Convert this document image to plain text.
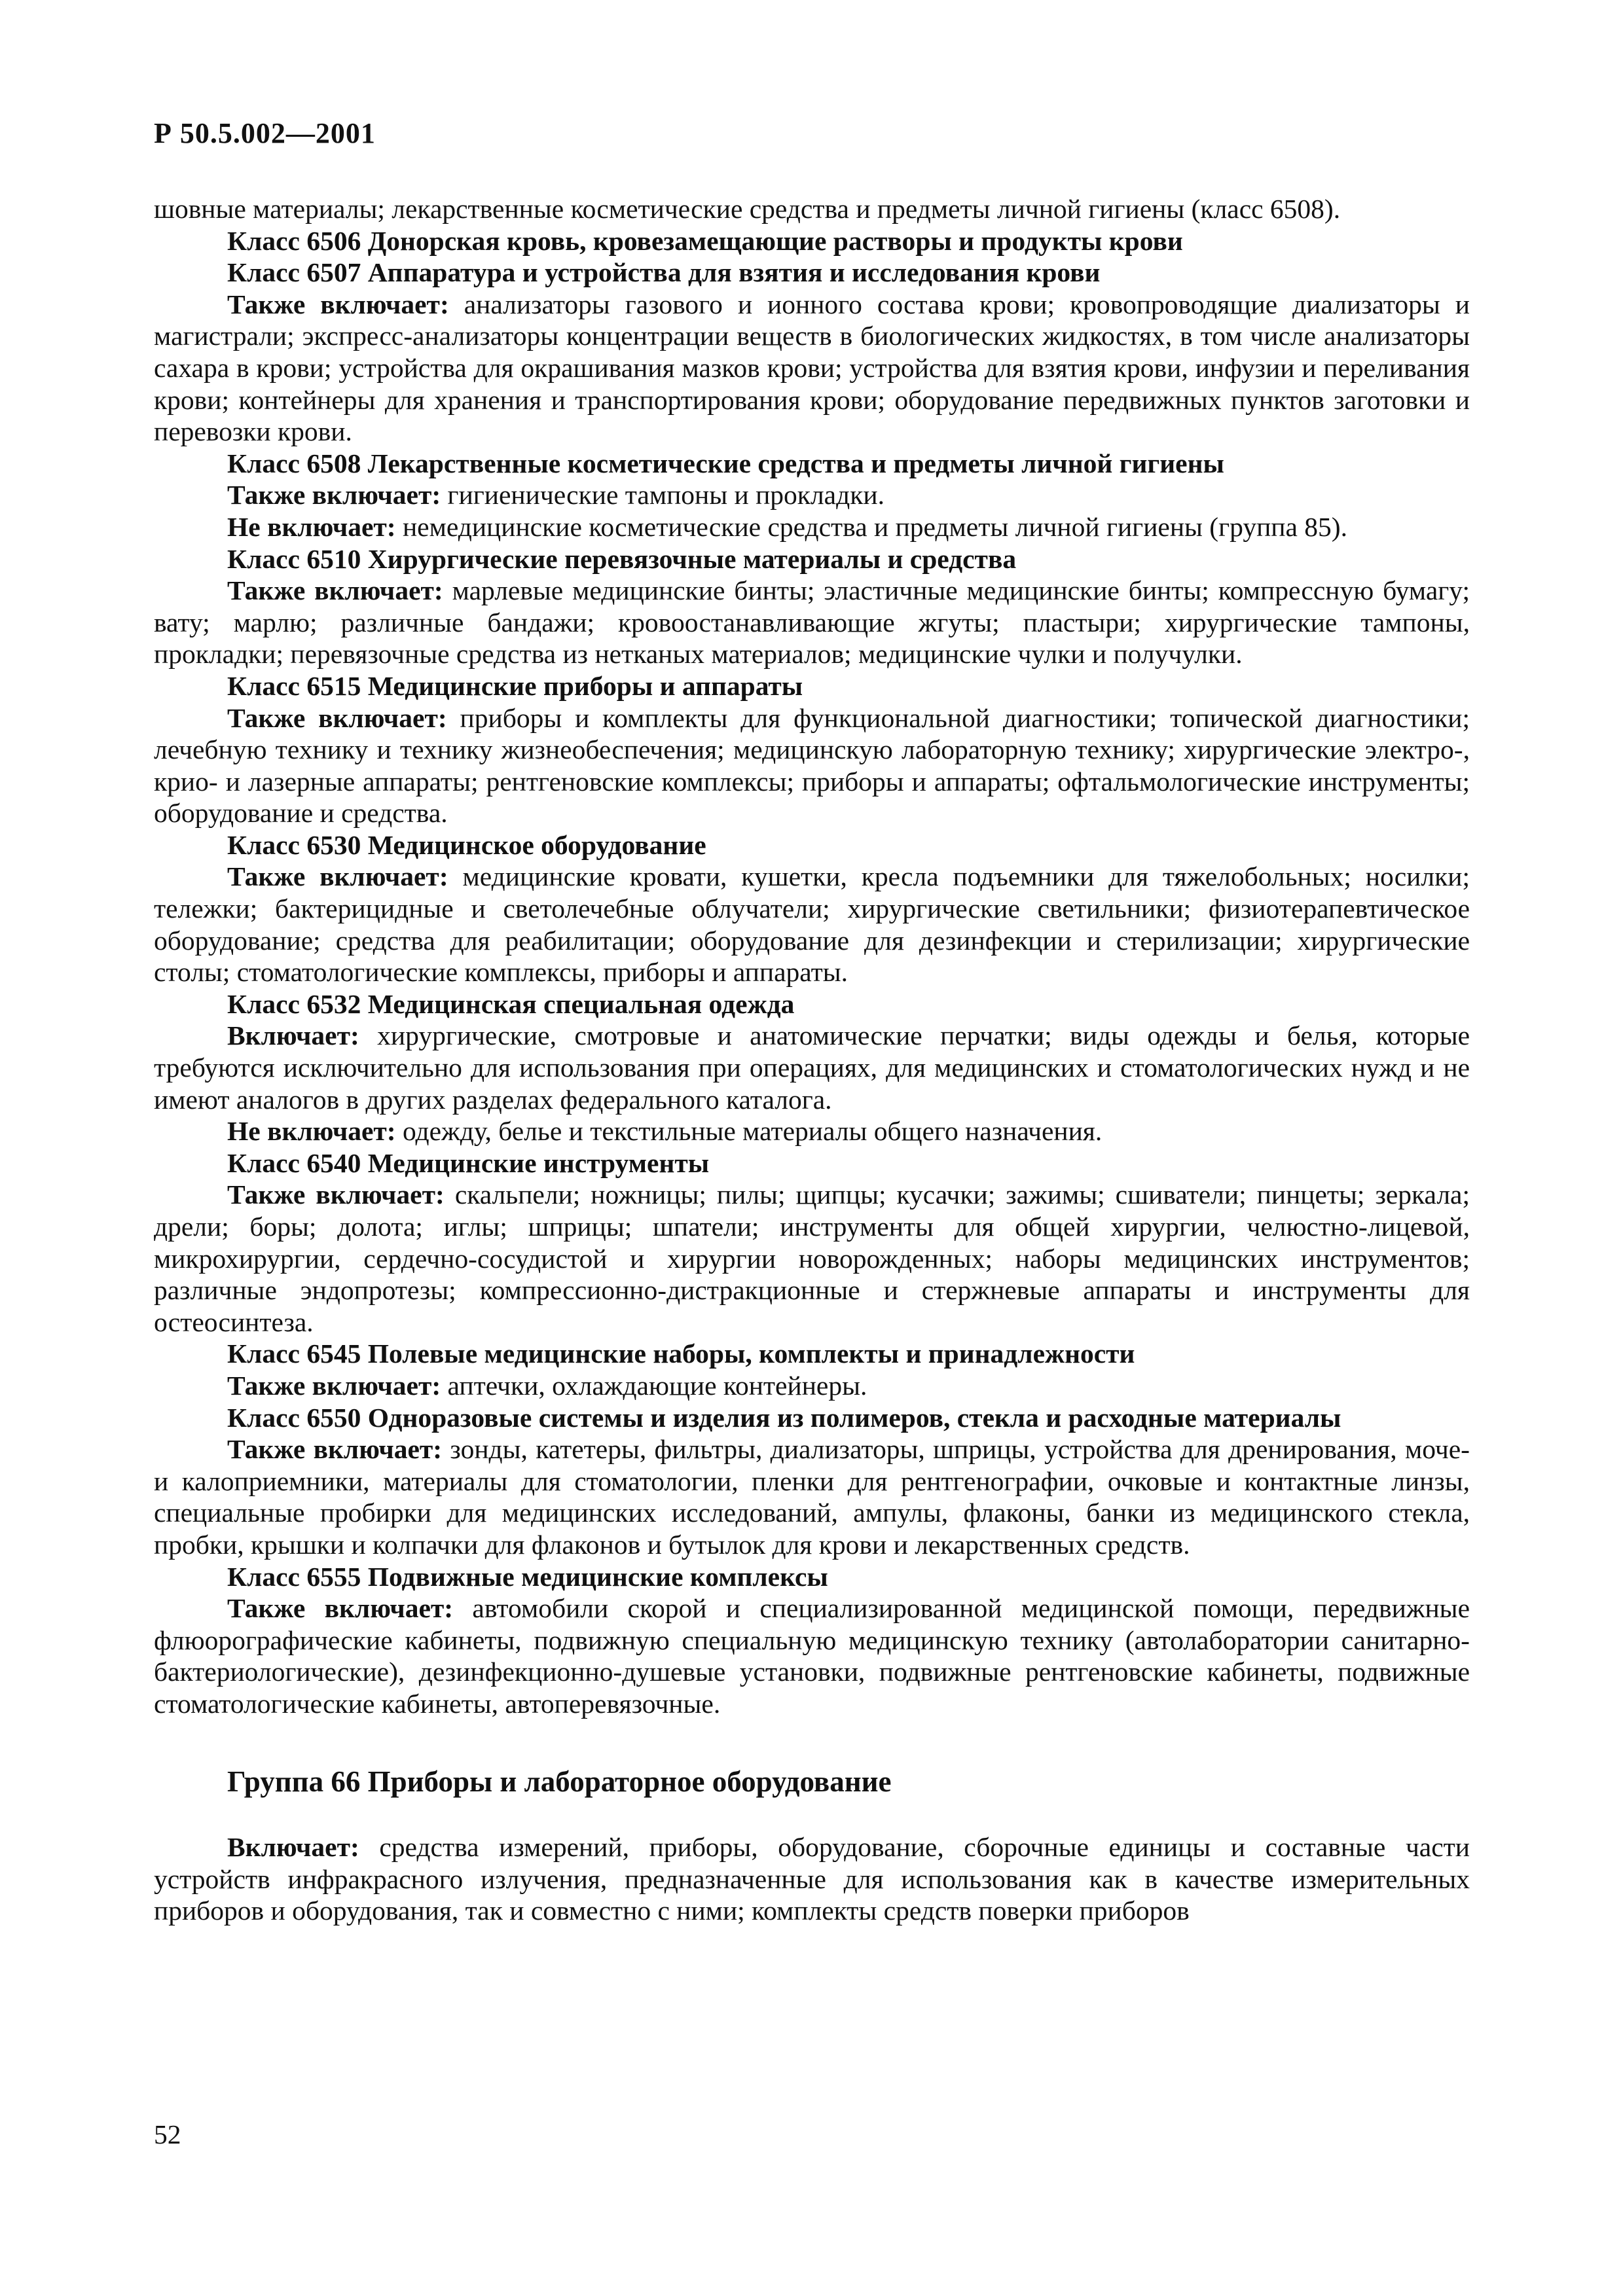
Р 50.5.002—2001

шовные материалы; лекарственные косметические средства и предметы личной гигиены (класс 6508).

Класс 6506 Донорская кровь, кровезамещающие растворы и продукты крови

Класс 6507 Аппаратура и устройства для взятия и исследования крови

Также включает: анализаторы газового и ионного состава крови; кровопроводящие диализаторы и магистрали; экспресс-анализаторы концентрации веществ в биологических жидкостях, в том числе анализаторы сахара в крови; устройства для окрашивания мазков крови; устройства для взятия крови, инфузии и переливания крови; контейнеры для хранения и транспортирования крови; оборудование передвижных пунктов заготовки и перевозки крови.

Класс 6508 Лекарственные косметические средства и предметы личной гигиены

Также включает: гигиенические тампоны и прокладки.

Не включает: немедицинские косметические средства и предметы личной гигиены (группа 85).

Класс 6510 Хирургические перевязочные материалы и средства

Также включает: марлевые медицинские бинты; эластичные медицинские бинты; компрессную бумагу; вату; марлю; различные бандажи; кровоостанавливающие жгуты; пластыри; хирургические тампоны, прокладки; перевязочные средства из нетканых материалов; медицинские чулки и получулки.

Класс 6515 Медицинские приборы и аппараты

Также включает: приборы и комплекты для функциональной диагностики; топической диагностики; лечебную технику и технику жизнеобеспечения; медицинскую лабораторную технику; хирургические электро-, крио- и лазерные аппараты; рентгеновские комплексы; приборы и аппараты; офтальмологические инструменты; оборудование и средства.

Класс 6530 Медицинское оборудование

Также включает: медицинские кровати, кушетки, кресла подъемники для тяжелобольных; носилки; тележки; бактерицидные и светолечебные облучатели; хирургические светильники; физиотерапевтическое оборудование; средства для реабилитации; оборудование для дезинфекции и стерилизации; хирургические столы; стоматологические комплексы, приборы и аппараты.

Класс 6532 Медицинская специальная одежда

Включает: хирургические, смотровые и анатомические перчатки; виды одежды и белья, которые требуются исключительно для использования при операциях, для медицинских и стоматологических нужд и не имеют аналогов в других разделах федерального каталога.

Не включает: одежду, белье и текстильные материалы общего назначения.

Класс 6540 Медицинские инструменты

Также включает: скальпели; ножницы; пилы; щипцы; кусачки; зажимы; сшиватели; пинцеты; зеркала; дрели; боры; долота; иглы; шприцы; шпатели; инструменты для общей хирургии, челюстно-лицевой, микрохирургии, сердечно-сосудистой и хирургии новорожденных; наборы медицинских инструментов; различные эндопротезы; компрессионно-дистракционные и стержневые аппараты и инструменты для остеосинтеза.

Класс 6545 Полевые медицинские наборы, комплекты и принадлежности

Также включает: аптечки, охлаждающие контейнеры.

Класс 6550 Одноразовые системы и изделия из полимеров, стекла и расходные материалы

Также включает: зонды, катетеры, фильтры, диализаторы, шприцы, устройства для дренирования, моче- и калоприемники, материалы для стоматологии, пленки для рентгенографии, очковые и контактные линзы, специальные пробирки для медицинских исследований, ампулы, флаконы, банки из медицинского стекла, пробки, крышки и колпачки для флаконов и бутылок для крови и лекарственных средств.

Класс 6555 Подвижные медицинские комплексы

Также включает: автомобили скорой и специализированной медицинской помощи, передвижные флюорографические кабинеты, подвижную специальную медицинскую технику (автолаборатории санитарно-бактериологические), дезинфекционно-душевые установки, подвижные рентгеновские кабинеты, подвижные стоматологические кабинеты, автоперевязочные.

Группа 66 Приборы и лабораторное оборудование

Включает: средства измерений, приборы, оборудование, сборочные единицы и составные части устройств инфракрасного излучения, предназначенные для использования как в качестве измерительных приборов и оборудования, так и совместно с ними; комплекты средств поверки приборов

52
